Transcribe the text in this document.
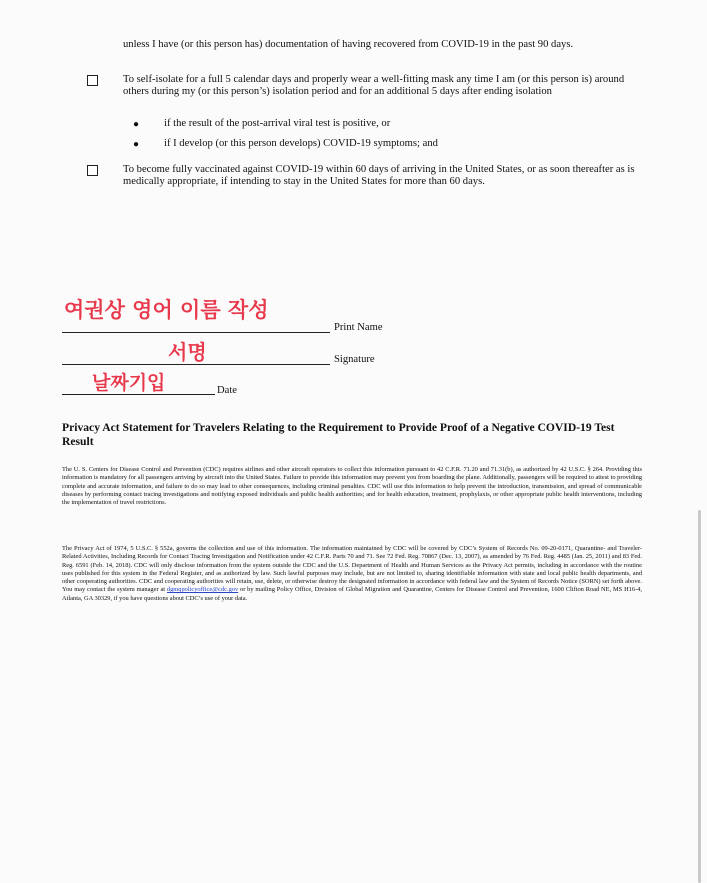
unless I have (or this person has) documentation of having recovered from COVID-19 in the past 90 days.
To self-isolate for a full 5 calendar days and properly wear a well-fitting mask any time I am (or this person is) around others during my (or this person’s) isolation period and for an additional 5 days after ending isolation
● if the result of the post-arrival viral test is positive, or
● if I develop (or this person develops) COVID-19 symptoms; and
To become fully vaccinated against COVID-19 within 60 days of arriving in the United States, or as soon thereafter as is medically appropriate, if intending to stay in the United States for more than 60 days.
여권상 영어 이름 작성
Print Name
서명	Signature
날짜기입	Date
Privacy Act Statement for Travelers Relating to the Requirement to Provide Proof of a Negative COVID-19 Test Result
The U. S. Centers for Disease Control and Prevention (CDC) requires airlines and other aircraft operators to collect this information pursuant to 42 C.F.R. 71.20 and 71.31(b), as authorized by 42 U.S.C. § 264. Providing this information is mandatory for all passengers arriving by aircraft into the United States. Failure to provide this information may prevent you from boarding the plane. Additionally, passengers will be required to attest to providing complete and accurate information, and failure to do so may lead to other consequences, including criminal penalties. CDC will use this information to help prevent the introduction, transmission, and spread of communicable diseases by performing contact tracing investigations and notifying exposed individuals and public health authorities; and for health education, treatment, prophylaxis, or other appropriate public health interventions, including the implementation of travel restrictions.
The Privacy Act of 1974, 5 U.S.C. § 552a, governs the collection and use of this information. The information maintained by CDC will be covered by CDC’s System of Records No. 09-20-0171, Quarantine- and Traveler-Related Activities, Including Records for Contact Tracing Investigation and Notification under 42 C.F.R. Parts 70 and 71. See 72 Fed. Reg. 70867 (Dec. 13, 2007), as amended by 76 Fed. Reg. 4485 (Jan. 25, 2011) and 83 Fed. Reg. 6591 (Feb. 14, 2018). CDC will only disclose information from the system outside the CDC and the U.S. Department of Health and Human Services as the Privacy Act permits, including in accordance with the routine uses published for this system in the Federal Register, and as authorized by law. Such lawful purposes may include, but are not limited to, sharing identifiable information with state and local public health departments, and other cooperating authorities. CDC and cooperating authorities will retain, use, delete, or otherwise destroy the designated information in accordance with federal law and the System of Records Notice (SORN) set forth above. You may contact the system manager at dgmqpolicyoffice@cdc.gov or by mailing Policy Office, Division of Global Migration and Quarantine, Centers for Disease Control and Prevention, 1600 Clifton Road NE, MS H16-4, Atlanta, GA 30329, if you have questions about CDC’s use of your data.
